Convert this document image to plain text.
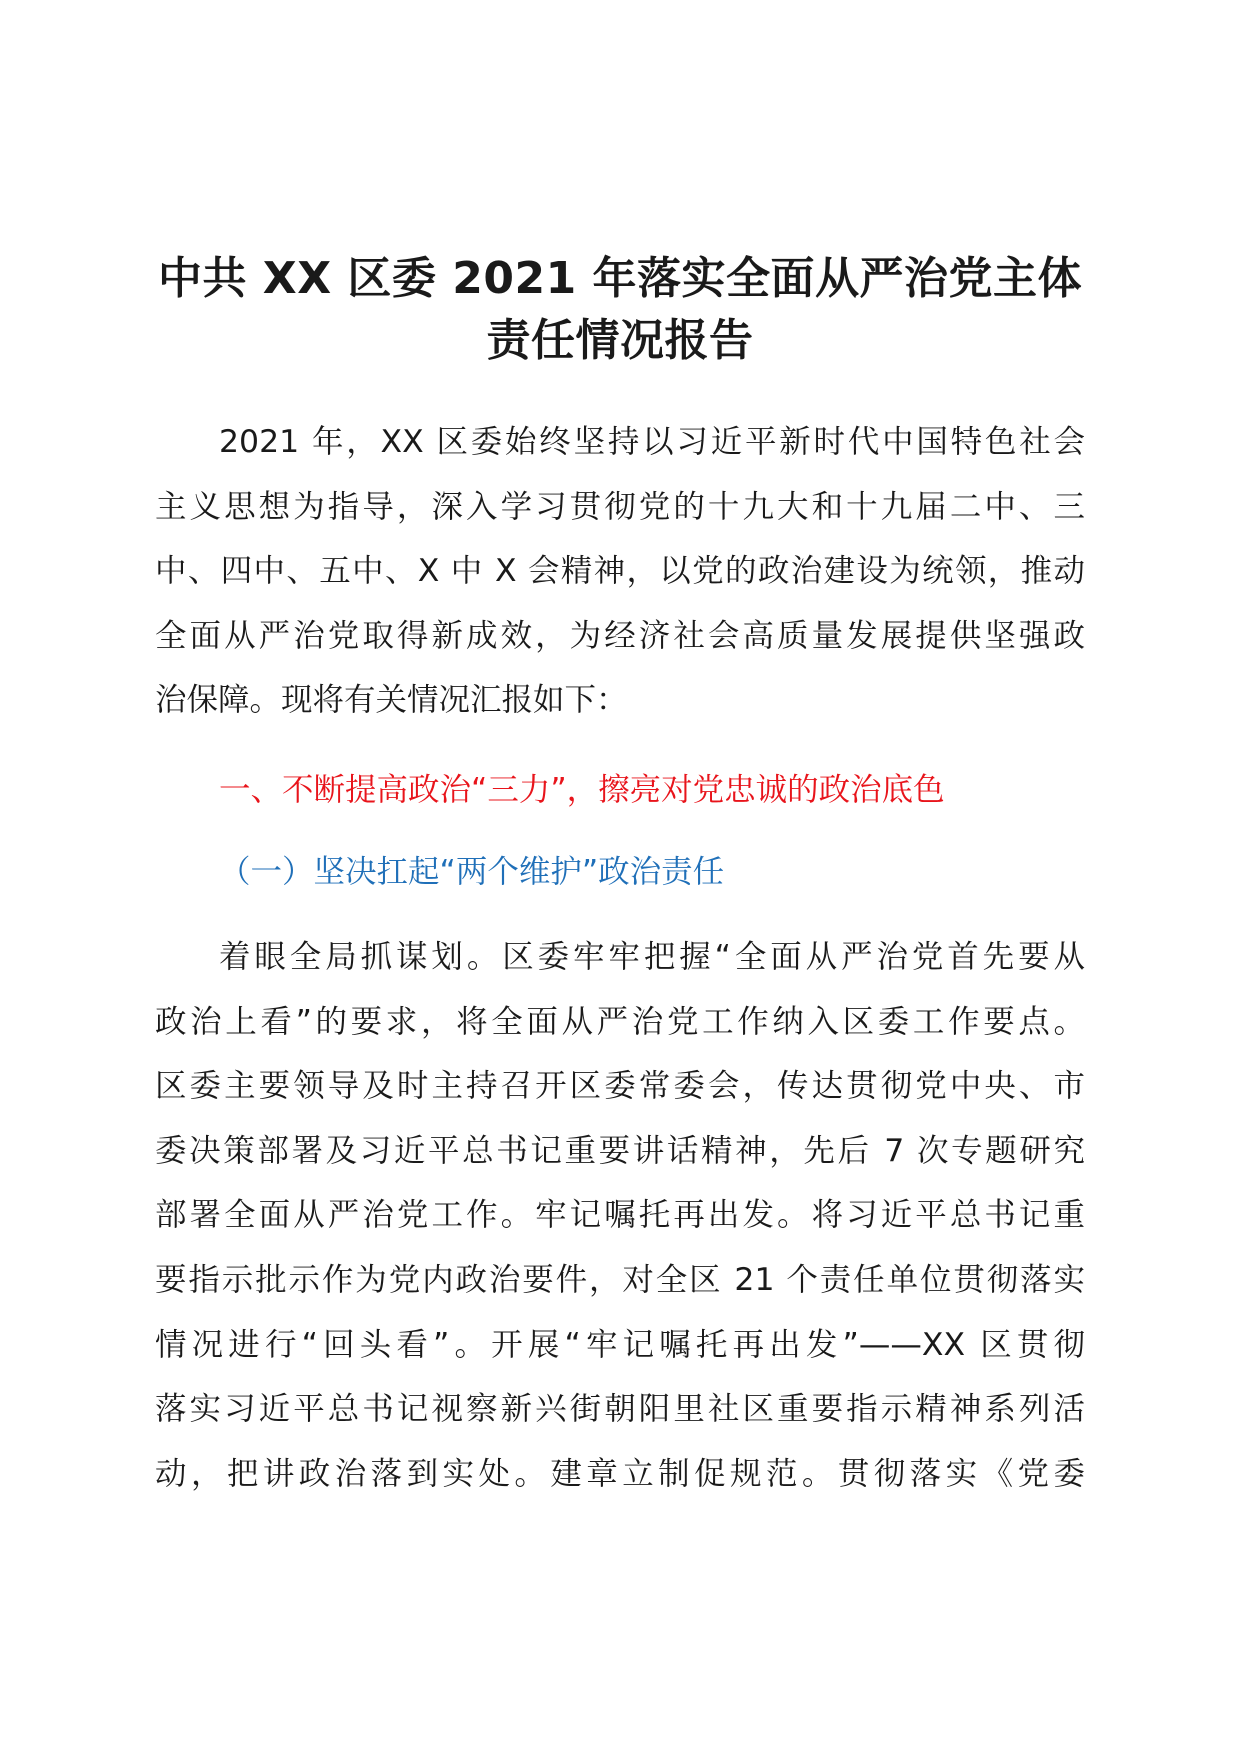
中共 XX 区委 2021 年落实全面从严治党主体
责任情况报告
2021 年，XX 区委始终坚持以习近平新时代中国特色社会
主义思想为指导，深入学习贯彻党的十九大和十九届二中、三
中、四中、五中、X 中 X 会精神，以党的政治建设为统领，推动
全面从严治党取得新成效，为经济社会高质量发展提供坚强政
治保障。现将有关情况汇报如下：
一、不断提高政治“三力”，擦亮对党忠诚的政治底色
（一）坚决扛起“两个维护”政治责任
着眼全局抓谋划。区委牢牢把握“全面从严治党首先要从
政治上看”的要求，将全面从严治党工作纳入区委工作要点。
区委主要领导及时主持召开区委常委会，传达贯彻党中央、市
委决策部署及习近平总书记重要讲话精神，先后 7 次专题研究
部署全面从严治党工作。牢记嘱托再出发。将习近平总书记重
要指示批示作为党内政治要件，对全区 21 个责任单位贯彻落实
情况进行“回头看”。开展“牢记嘱托再出发”——XX 区贯彻
落实习近平总书记视察新兴街朝阳里社区重要指示精神系列活
动，把讲政治落到实处。建章立制促规范。贯彻落实《党委
